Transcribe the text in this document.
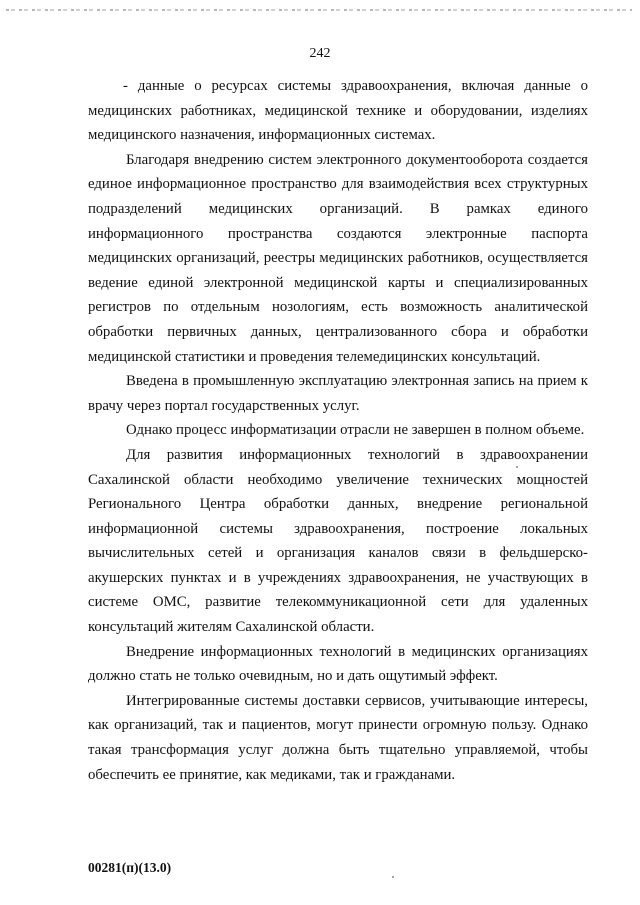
242

- данные о ресурсах системы здравоохранения, включая данные о медицинских работниках, медицинской технике и оборудовании, изделиях медицинского назначения, информационных системах.

Благодаря внедрению систем электронного документооборота создается единое информационное пространство для взаимодействия всех структурных подразделений медицинских организаций. В рамках единого информационного пространства создаются электронные паспорта медицинских организаций, реестры медицинских работников, осуществляется ведение единой электронной медицинской карты и специализированных регистров по отдельным нозологиям, есть возможность аналитической обработки первичных данных, централизованного сбора и обработки медицинской статистики и проведения телемедицинских консультаций.

Введена в промышленную эксплуатацию электронная запись на прием к врачу через портал государственных услуг.

Однако процесс информатизации отрасли не завершен в полном объеме.

Для развития информационных технологий в здравоохранении Сахалинской области необходимо увеличение технических мощностей Регионального Центра обработки данных, внедрение региональной информационной системы здравоохранения, построение локальных вычислительных сетей и организация каналов связи в фельдшерско-акушерских пунктах и в учреждениях здравоохранения, не участвующих в системе ОМС, развитие телекоммуникационной сети для удаленных консультаций жителям Сахалинской области.

Внедрение информационных технологий в медицинских организациях должно стать не только очевидным, но и дать ощутимый эффект.

Интегрированные системы доставки сервисов, учитывающие интересы, как организаций, так и пациентов, могут принести огромную пользу. Однако такая трансформация услуг должна быть тщательно управляемой, чтобы обеспечить ее принятие, как медиками, так и гражданами.

00281(п)(13.0)
